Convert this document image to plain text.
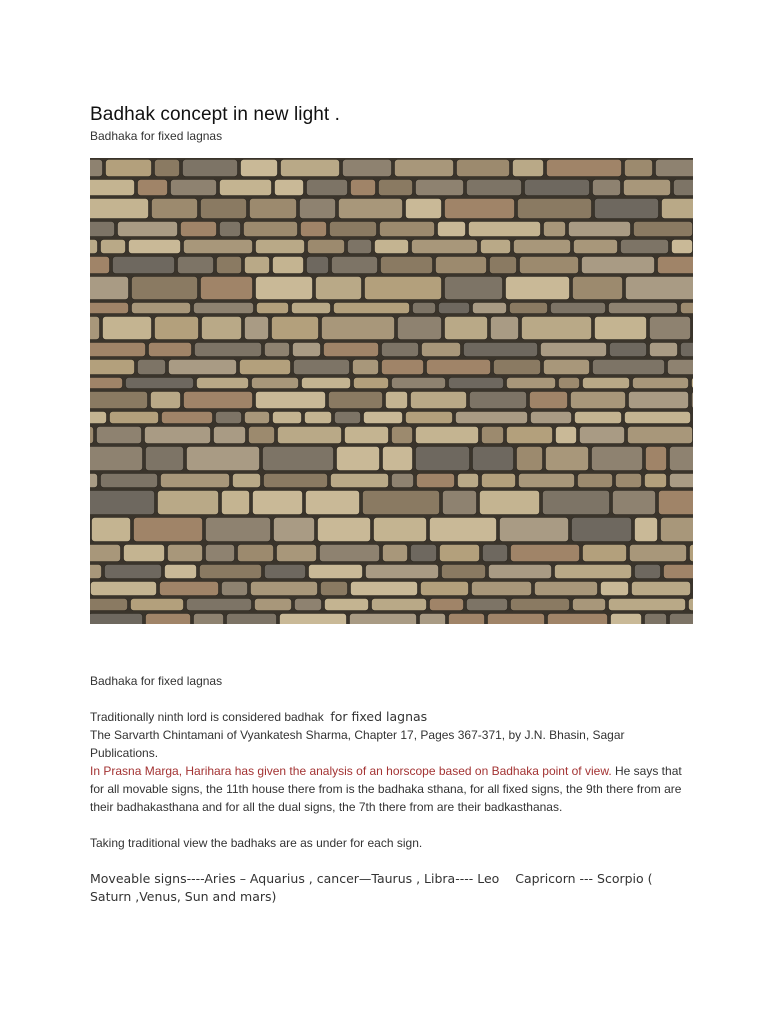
Badhak concept in new light .

Badhaka for fixed lagnas

Badhaka for fixed lagnas

Traditionally ninth lord is considered badhak for fixed lagnas

The Sarvarth Chintamani of Vyankatesh Sharma, Chapter 17, Pages 367-371, by J.N. Bhasin, Sagar Publications.

In Prasna Marga, Harihara has given the analysis of an horscope based on Badhaka point of view. He says that for all movable signs, the 11th house there from is the badhaka sthana, for all fixed signs, the 9th there from are their badhakasthana and for all the dual signs, the 7th there from are their badkasthanas.

Taking traditional view the badhaks are as under for each sign.

Moveable signs----Aries – Aquarius , cancer—Taurus , Libra---- Leo Capricorn --- Scorpio ( Saturn ,Venus, Sun and mars)
